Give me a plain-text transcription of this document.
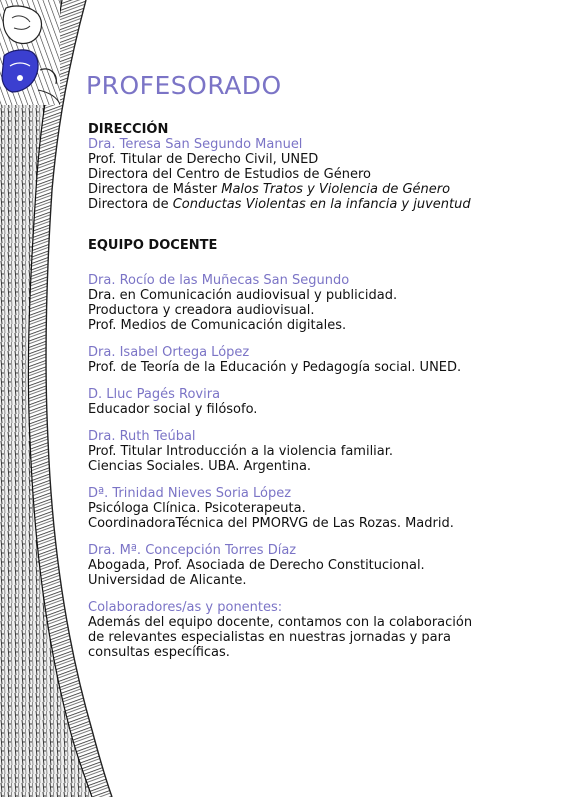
PROFESORADO
DIRECCIÓN
Dra. Teresa San Segundo Manuel
Prof. Titular de Derecho Civil, UNED
Directora del Centro de Estudios de Género
Directora de Máster Malos Tratos y Violencia de Género
Directora de Conductas Violentas en la infancia y juventud
EQUIPO DOCENTE
Dra. Rocío de las Muñecas San Segundo
Dra. en Comunicación audiovisual y publicidad.
Productora y creadora audiovisual.
Prof. Medios de Comunicación digitales.
Dra. Isabel Ortega López
Prof. de Teoría de la Educación y Pedagogía social. UNED.
D. Lluc Pagés Rovira
Educador social y filósofo.
Dra. Ruth Teúbal
Prof. Titular Introducción a la violencia familiar.
Ciencias Sociales. UBA. Argentina.
Dª. Trinidad Nieves Soria López
Psicóloga Clínica. Psicoterapeuta.
CoordinadoraTécnica del PMORVG de Las Rozas. Madrid.
Dra. Mª. Concepción Torres Díaz
Abogada, Prof. Asociada de Derecho Constitucional.
Universidad de Alicante.
Colaboradores/as y ponentes:
Además del equipo docente, contamos con la colaboración
de relevantes especialistas en nuestras jornadas y para
consultas específicas.
